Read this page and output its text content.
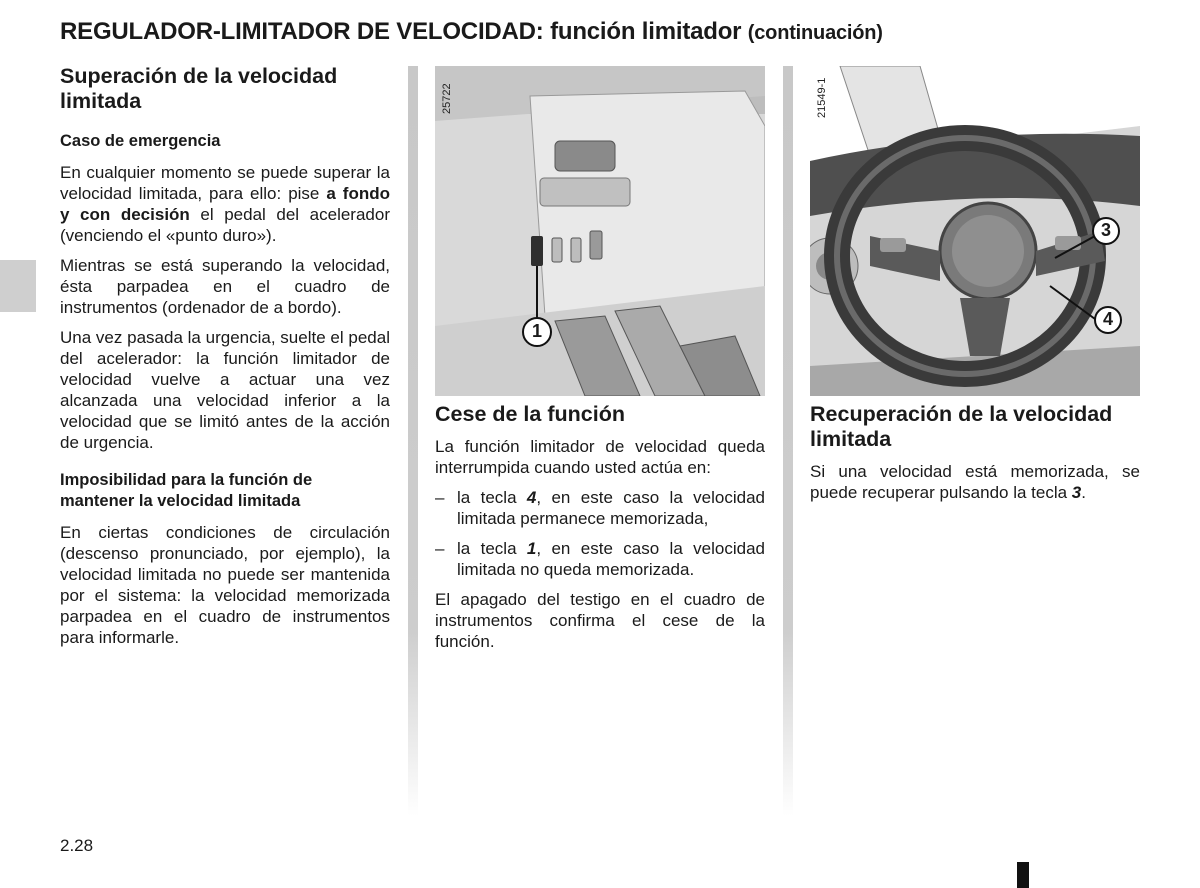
REGULADOR-LIMITADOR DE VELOCIDAD: función limitador (continuación)
Superación de la velocidad
limitada
Caso de emergencia

En cualquier momento se puede superar la velocidad limitada, para ello: pise a fondo y con decisión el pedal del acelerador (venciendo el «punto duro»).

Mientras se está superando la velocidad, ésta parpadea en el cuadro de instrumentos (ordenador de a bordo).

Una vez pasada la urgencia, suelte el pedal del acelerador: la función limitador de velocidad vuelve a actuar una vez alcanzada una velocidad inferior a la velocidad que se limitó antes de la acción de urgencia.

Imposibilidad para la función de
mantener la velocidad limitada

En ciertas condiciones de circulación (descenso pronunciado, por ejemplo), la velocidad limitada no puede ser mantenida por el sistema: la velocidad memorizada parpadea en el cuadro de instrumentos para informarle.

1
25722
Cese de la función

La función limitador de velocidad queda interrumpida cuando usted actúa en:

– la tecla 4, en este caso la velocidad limitada permanece memorizada,
– la tecla 1, en este caso la velocidad limitada no queda memorizada.

El apagado del testigo en el cuadro de instrumentos confirma el cese de la función.

3
4
21549-1
Recuperación de la velocidad
limitada

Si una velocidad está memorizada, se puede recuperar pulsando la tecla 3.

2.28
